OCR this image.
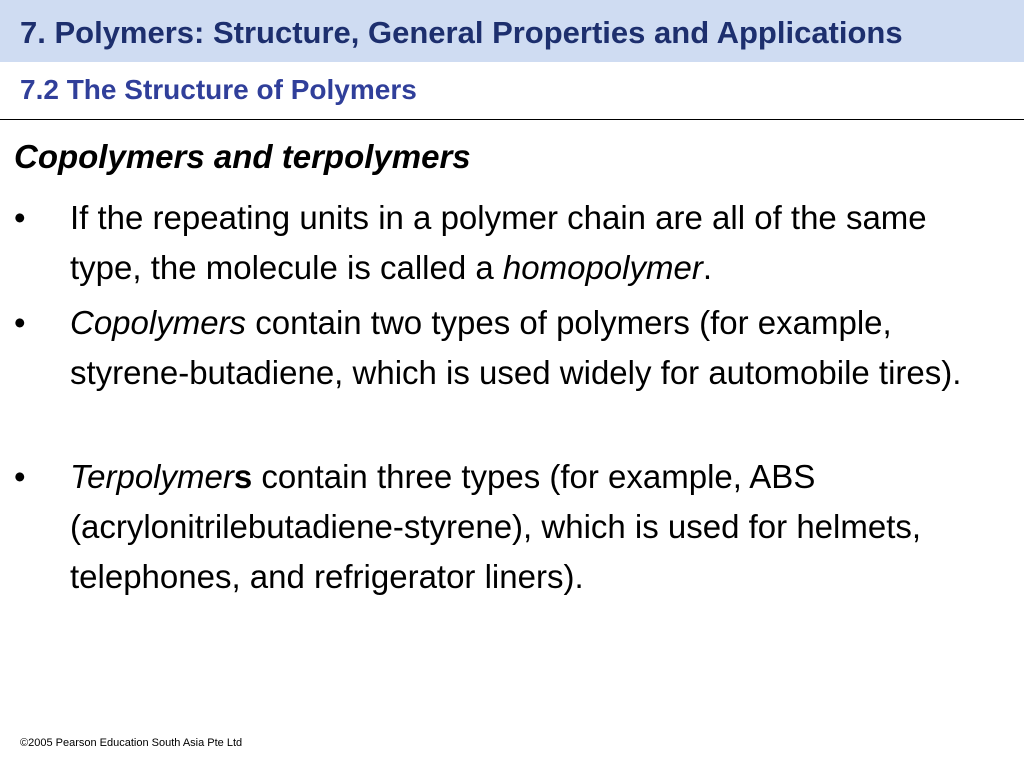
7. Polymers: Structure, General Properties and Applications
7.2 The Structure of Polymers
Copolymers and terpolymers
• If the repeating units in a polymer chain are all of the same type, the molecule is called a homopolymer.
• Copolymers contain two types of polymers (for example, styrene-butadiene, which is used widely for automobile tires).
• Terpolymers contain three types (for example, ABS (acrylonitrilebutadiene-styrene), which is used for helmets, telephones, and refrigerator liners).
©2005 Pearson Education South Asia Pte Ltd
